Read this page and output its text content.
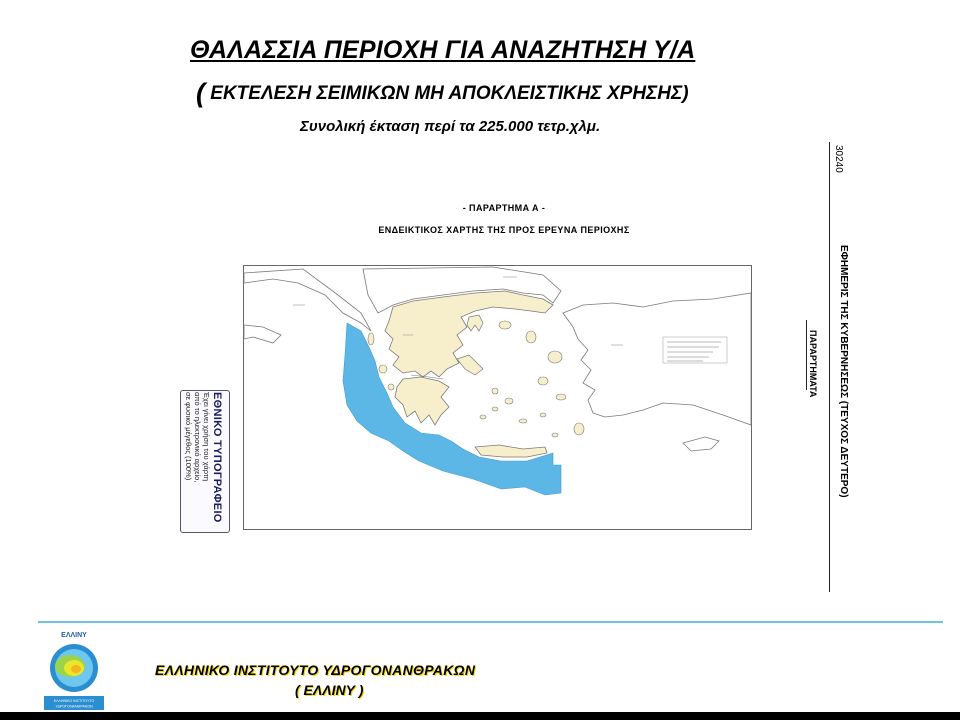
ΘΑΛΑΣΣΙΑ ΠΕΡΙΟΧΗ ΓΙΑ ΑΝΑΖΗΤΗΣΗ Υ/Α
( ΕΚΤΕΛΕΣΗ ΣΕΙΜΙΚΩΝ ΜΗ ΑΠΟΚΛΕΙΣΤΙΚΗΣ ΧΡΗΣΗΣ)
Συνολική έκταση περί τα 225.000 τετρ.χλμ.
- ΠΑΡΑΡΤΗΜΑ Α -
ΕΝΔΕΙΚΤΙΚΟΣ ΧΑΡΤΗΣ ΤΗΣ ΠΡΟΣ ΕΡΕΥΝΑ ΠΕΡΙΟΧΗΣ
30240
ΕΦΗΜΕΡΙΣ ΤΗΣ ΚΥΒΕΡΝΗΣΕΩΣ (ΤΕΥΧΟΣ ΔΕΥΤΕΡΟ)
ΠΑΡΑΡΤΗΜΑΤΑ
ΕΘΝΙΚΟ ΤΥΠΟΓΡΑΦΕΙΟ
Έχει γίνει χρήση του χάρτη
από το ηλεκτρονικό αρχείο,
σε φυσικό μέγεθος (100%)
ΕΛΛΙΝΥ
ΕΛΛΗΝΙΚΟ ΙΝΣΤΙΤΟΥΤΟ
ΥΔΡΟΓΟΝΑΝΘΡΑΚΩΝ
ΕΛΛΗΝΙΚΟ ΙΝΣΤΙΤΟΥΤΟ ΥΔΡΟΓΟΝΑΝΘΡΑΚΩΝ
( ΕΛΛΙΝΥ )
